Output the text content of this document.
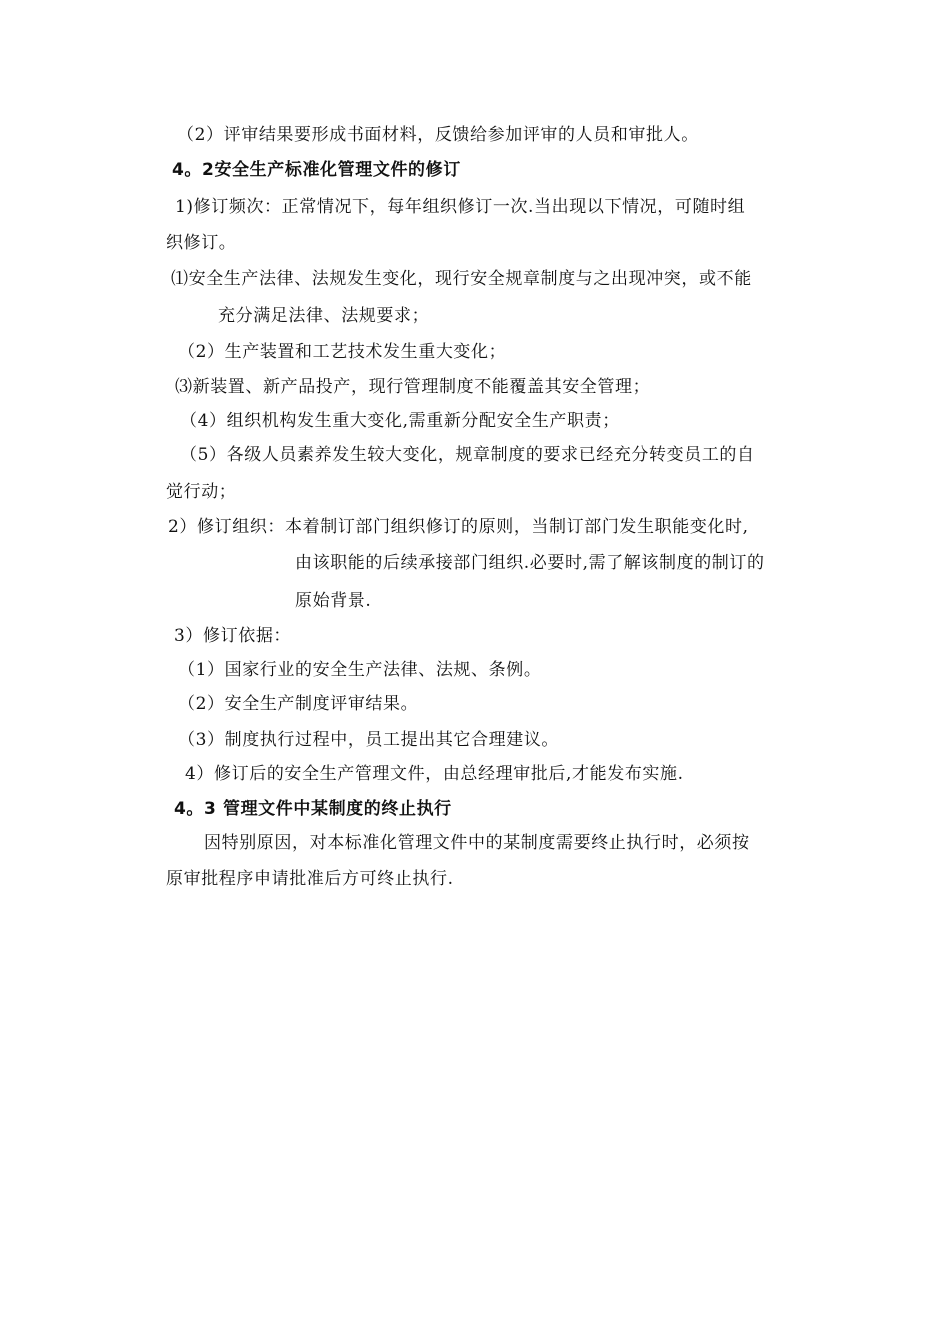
（2）评审结果要形成书面材料，反馈给参加评审的人员和审批人。

4。2安全生产标准化管理文件的修订

1)修订频次：正常情况下，每年组织修订一次.当出现以下情况，可随时组

织修订。

⑴安全生产法律、法规发生变化，现行安全规章制度与之出现冲突，或不能

充分满足法律、法规要求；

（2）生产装置和工艺技术发生重大变化；

⑶新装置、新产品投产，现行管理制度不能覆盖其安全管理；

（4）组织机构发生重大变化,需重新分配安全生产职责；

（5）各级人员素养发生较大变化，规章制度的要求已经充分转变员工的自

觉行动；

2）修订组织：本着制订部门组织修订的原则，当制订部门发生职能变化时,

由该职能的后续承接部门组织.必要时,需了解该制度的制订的

原始背景.

3）修订依据：

（1）国家行业的安全生产法律、法规、条例。

（2）安全生产制度评审结果。

（3）制度执行过程中，员工提出其它合理建议。

4）修订后的安全生产管理文件，由总经理审批后,才能发布实施.

4。3 管理文件中某制度的终止执行

因特别原因，对本标准化管理文件中的某制度需要终止执行时，必须按

原审批程序申请批准后方可终止执行.
